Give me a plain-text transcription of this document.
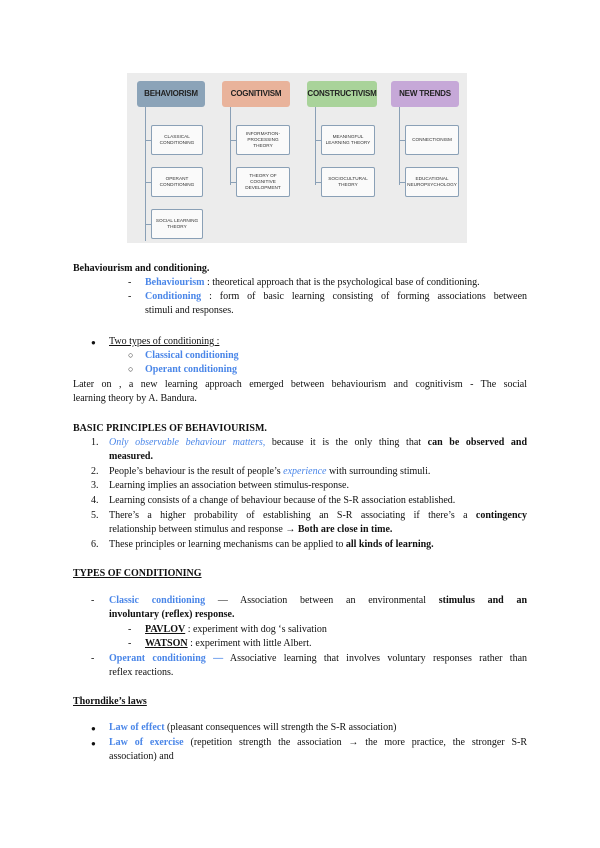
BEHAVIORISM
CLASSICAL CONDITIONING
OPERANT CONDITIONING
SOCIAL LEARNING THEORY
COGNITIVISM
INFORMATION-PROCESSING THEORY
THEORY OF COGNITIVE DEVELOPMENT
CONSTRUCTIVISM
MEANINGFUL LEARNING THEORY
SOCIOCULTURAL THEORY
NEW TRENDS
CONNECTIONISM
EDUCATIONAL NEUROPSYCHOLOGY
Behaviourism and conditioning.
- Behaviourism : theoretical approach that is the psychological base of conditioning.
- Conditioning : form of basic learning consisting of forming associations between
stimuli and responses.
● Two types of conditioning :
○ Classical conditioning
○ Operant conditioning
Later on , a new learning approach emerged between behaviourism and cognitivism - The social
learning theory by A. Bandura.
BASIC PRINCIPLES OF BEHAVIOURISM.
1. Only observable behaviour matters, because it is the only thing that can be observed and
measured.
2. People’s behaviour is the result of people’s experience with surrounding stimuli.
3. Learning implies an association between stimulus-response.
4. Learning consists of a change of behaviour because of the S-R association established.
5. There’s a higher probability of establishing an S-R associating if there’s a contingency
relationship between stimulus and response → Both are close in time.
6. These principles or learning mechanisms can be applied to all kinds of learning.
TYPES OF CONDITIONING
- Classic conditioning — Association between an environmental stimulus and an
involuntary (reflex) response.
- PAVLOV : experiment with dog ‘s salivation
- WATSON : experiment with little Albert.
- Operant conditioning — Associative learning that involves voluntary responses rather than
reflex reactions.
Thorndike’s laws
● Law of effect (pleasant consequences will strength the S-R association)
● Law of exercise (repetition strength the association → the more practice, the stronger S-R
association) and
